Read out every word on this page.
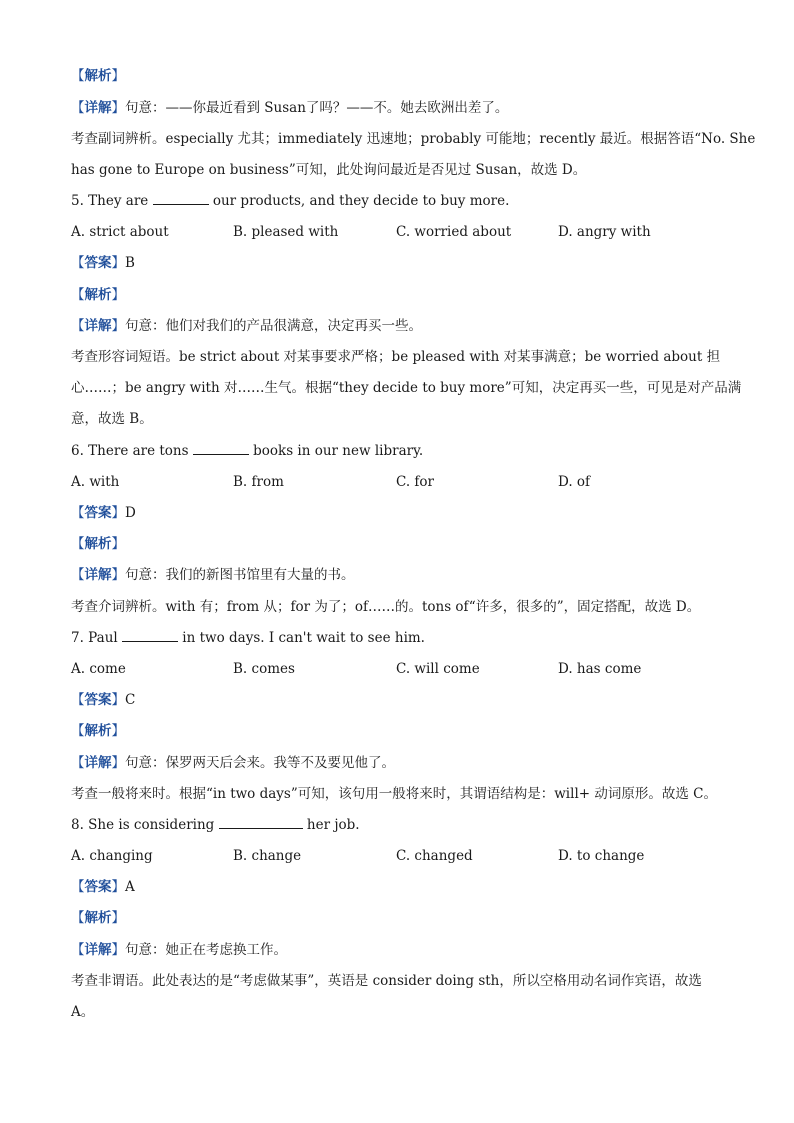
【解析】
【详解】句意：——你最近看到 Susan了吗？——不。她去欧洲出差了。
考查副词辨析。especially 尤其；immediately 迅速地；probably 可能地；recently 最近。根据答语“No. She
has gone to Europe on business”可知，此处询问最近是否见过 Susan，故选 D。
5. They are	our products, and they decide to buy more.
A. strict about	B. pleased with	C. worried about	D. angry with
【答案】B
【解析】
【详解】句意：他们对我们的产品很满意，决定再买一些。
考查形容词短语。be strict about 对某事要求严格；be pleased with 对某事满意；be worried about 担
心……；be angry with 对……生气。根据“they decide to buy more”可知，决定再买一些，可见是对产品满
意，故选 B。
6. There are tons	books in our new library.
A. with	B. from	C. for	D. of
【答案】D
【解析】
【详解】句意：我们的新图书馆里有大量的书。
考查介词辨析。with 有；from 从；for 为了；of……的。tons of“许多，很多的”，固定搭配，故选 D。
7. Paul	in two days. I can't wait to see him.
A. come	B. comes	C. will come	D. has come
【答案】C
【解析】
【详解】句意：保罗两天后会来。我等不及要见他了。
考查一般将来时。根据“in two days”可知，该句用一般将来时，其谓语结构是：will+ 动词原形。故选 C。
8. She is considering	her job.
A. changing	B. change	C. changed	D. to change
【答案】A
【解析】
【详解】句意：她正在考虑换工作。
考查非谓语。此处表达的是“考虑做某事”，英语是 consider doing sth，所以空格用动名词作宾语，故选
A。
